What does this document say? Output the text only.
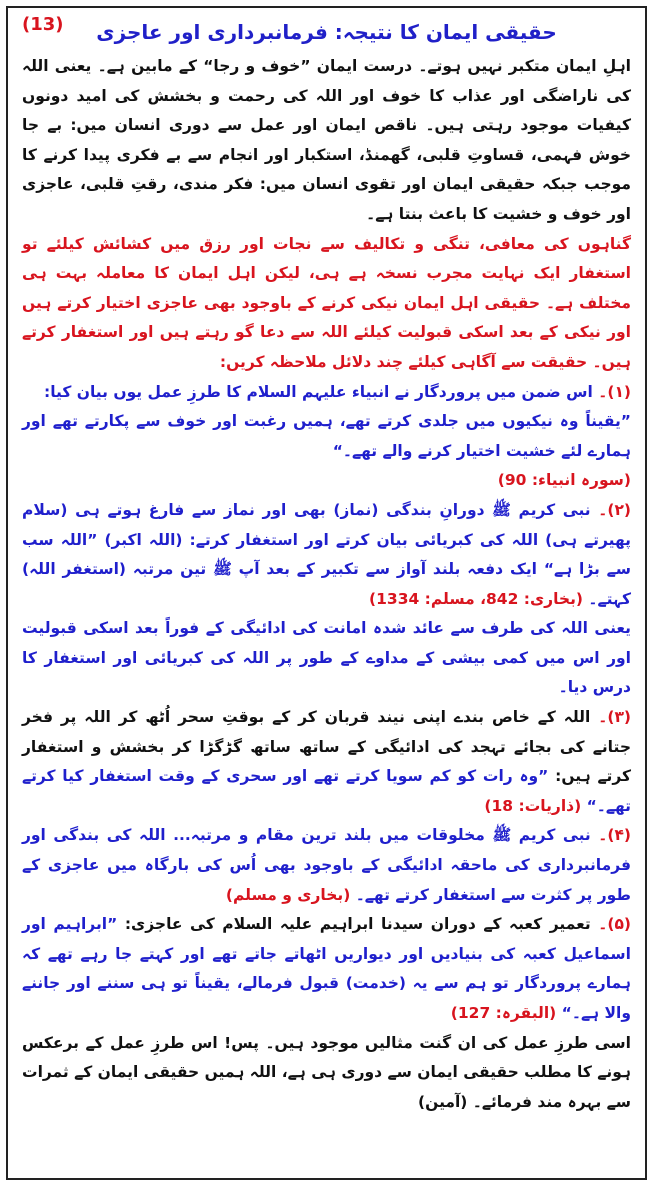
حقیقی ایمان کا نتیجہ: فرمانبرداری اور عاجزی
(13)

اہلِ ایمان متکبر نہیں ہوتے۔ درست ایمان ”خوف و رجا“ کے مابین ہے۔ یعنی اللہ کی ناراضگی اور عذاب کا خوف اور اللہ کی رحمت و بخشش کی امید دونوں کیفیات موجود رہتی ہیں۔ ناقص ایمان اور عمل سے دوری انسان میں: بے جا خوش فہمی، قساوتِ قلبی، گھمنڈ، استکبار اور انجام سے بے فکری پیدا کرنے کا موجب جبکہ حقیقی ایمان اور تقوی انسان میں: فکر مندی، رقتِ قلبی، عاجزی اور خوف و خشیت کا باعث بنتا ہے۔

گناہوں کی معافی، تنگی و تکالیف سے نجات اور رزق میں کشائش کیلئے تو استغفار ایک نہایت مجرب نسخہ ہے ہی، لیکن اہل ایمان کا معاملہ بہت ہی مختلف ہے۔ حقیقی اہل ایمان نیکی کرنے کے باوجود بھی عاجزی اختیار کرتے ہیں اور نیکی کے بعد اسکی قبولیت کیلئے اللہ سے دعا گو رہتے ہیں اور استغفار کرتے ہیں۔ حقیقت سے آگاہی کیلئے چند دلائل ملاحظہ کریں:

(۱)۔ اس ضمن میں پروردگار نے انبیاء علیہم السلام کا طرزِ عمل یوں بیان کیا:
”یقیناً وہ نیکیوں میں جلدی کرتے تھے، ہمیں رغبت اور خوف سے پکارتے تھے اور ہمارے لئے خشیت اختیار کرنے والے تھے۔“
(سورہ انبیاء: 90)

(۲)۔ نبی کریم ﷺ دورانِ بندگی (نماز) بھی اور نماز سے فارغ ہوتے ہی (سلام پھیرتے ہی) اللہ کی کبریائی بیان کرتے اور استغفار کرتے: (اللہ اکبر) ”اللہ سب سے بڑا ہے“ ایک دفعہ بلند آواز سے تکبیر کے بعد آپ ﷺ تین مرتبہ (استغفر اللہ) کہتے۔ (بخاری: 842، مسلم: 1334)
یعنی اللہ کی طرف سے عائد شدہ امانت کی ادائیگی کے فوراً بعد اسکی قبولیت اور اس میں کمی بیشی کے مداوے کے طور پر اللہ کی کبریائی اور استغفار کا درس دیا۔

(۳)۔ اللہ کے خاص بندے اپنی نیند قربان کر کے بوقتِ سحر اُٹھ کر اللہ پر فخر جتانے کی بجائے تہجد کی ادائیگی کے ساتھ ساتھ گڑگڑا کر بخشش و استغفار کرتے ہیں: ”وہ رات کو کم سویا کرتے تھے اور سحری کے وقت استغفار کیا کرتے تھے۔“ (ذاریات: 18)

(۴)۔ نبی کریم ﷺ مخلوقات میں بلند ترین مقام و مرتبہ... اللہ کی بندگی اور فرمانبرداری کی ماحقہ ادائیگی کے باوجود بھی اُس کی بارگاہ میں عاجزی کے طور پر کثرت سے استغفار کرتے تھے۔ (بخاری و مسلم)

(۵)۔ تعمیر کعبہ کے دوران سیدنا ابراہیم علیہ السلام کی عاجزی: ”ابراہیم اور اسماعیل کعبہ کی بنیادیں اور دیواریں اٹھاتے جاتے تھے اور کہتے جا رہے تھے کہ ہمارے پروردگار تو ہم سے یہ (خدمت) قبول فرمالے، یقیناً تو ہی سننے اور جاننے والا ہے۔“ (البقرہ: 127)

اسی طرزِ عمل کی ان گنت مثالیں موجود ہیں۔ پس! اس طرزِ عمل کے برعکس ہونے کا مطلب حقیقی ایمان سے دوری ہی ہے، اللہ ہمیں حقیقی ایمان کے ثمرات سے بہرہ مند فرمائے۔ (آمین)
